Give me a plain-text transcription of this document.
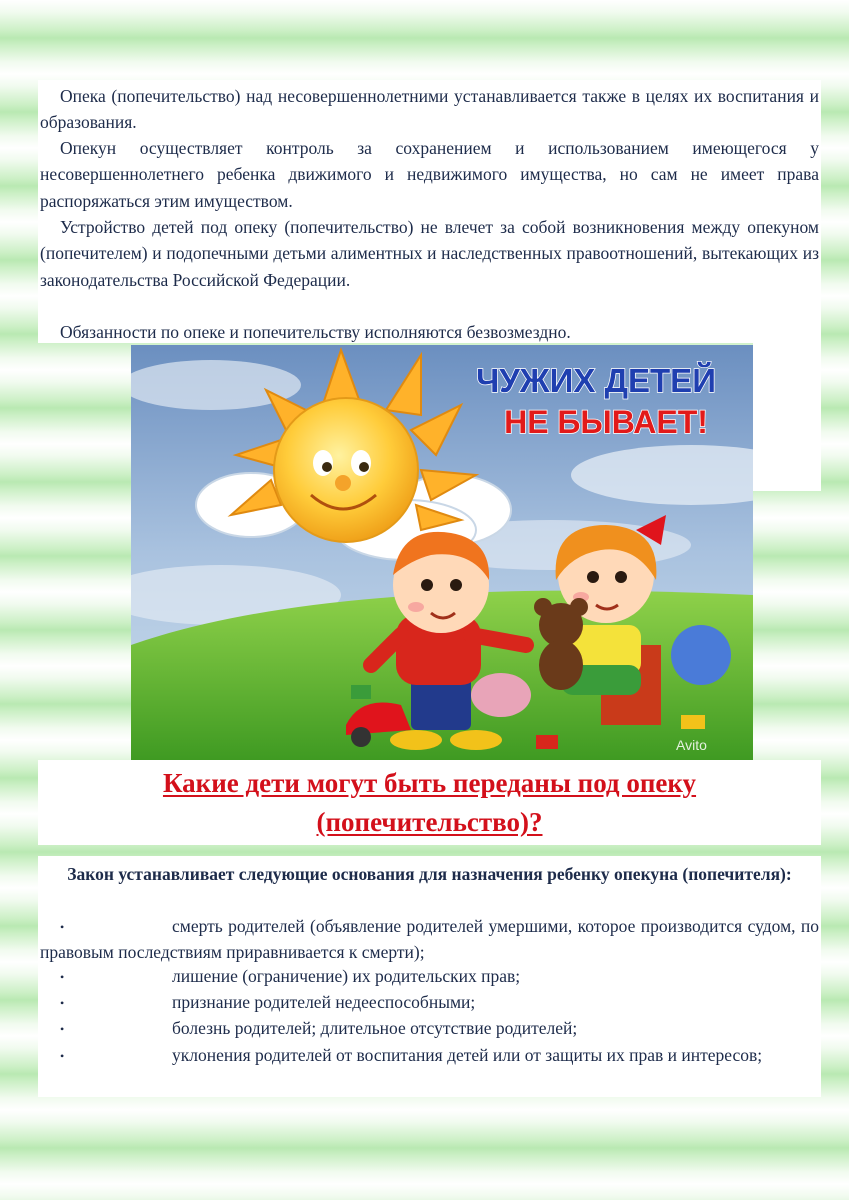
Опека (попечительство) над несовершеннолетними устанавливается также в целях их воспитания и образования.

Опекун осуществляет контроль за сохранением и использованием имеющегося у несовершеннолетнего ребенка движимого и недвижимого имущества, но сам не имеет права распоряжаться этим имуществом.

Устройство детей под опеку (попечительство) не влечет за собой возникновения между опекуном (попечителем) и подопечными детьми алиментных и наследственных правоотношений, вытекающих из законодательства Российской Федерации.

Обязанности по опеке и попечительству исполняются безвозмездно.

ЧУЖИХ ДЕТЕЙ
НЕ БЫВАЕТ!
Avito
Какие дети могут быть переданы под опеку
(попечительство)?

Закон устанавливает следующие основания для назначения ребенку опекуна (попечителя):

•	смерть родителей (объявление родителей умершими, которое производится судом, по правовым последствиям приравнивается к смерти);

•	лишение (ограничение) их родительских прав;

•	признание родителей недееспособными;

•	болезнь родителей; длительное отсутствие родителей;

•	уклонения родителей от воспитания детей или от защиты их прав и интересов;
